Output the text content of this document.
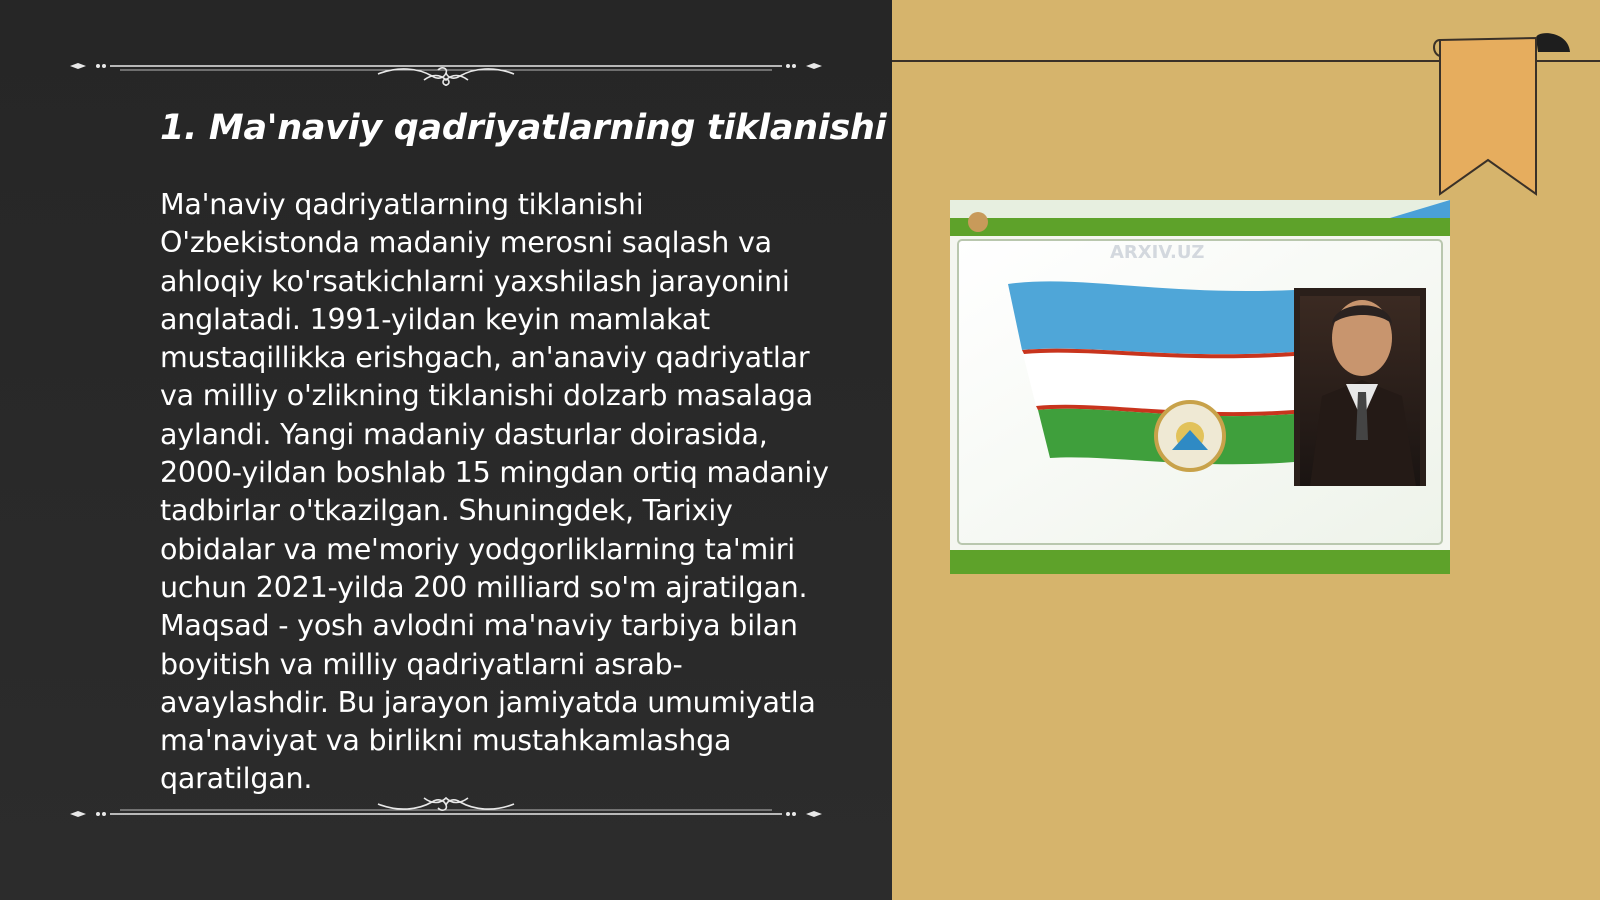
1. Ma'naviy qadriyatlarning tiklanishi

Ma'naviy qadriyatlarning tiklanishi O'zbekistonda madaniy merosni saqlash va ahloqiy ko'rsatkichlarni yaxshilash jarayonini anglatadi. 1991-yildan keyin mamlakat mustaqillikka erishgach, an'anaviy qadriyatlar va milliy o'zlikning tiklanishi dolzarb masalaga aylandi. Yangi madaniy dasturlar doirasida, 2000-yildan boshlab 15 mingdan ortiq madaniy tadbirlar o'tkazilgan. Shuningdek, Tarixiy obidalar va me'moriy yodgorliklarning ta'miri uchun 2021-yilda 200 milliard so'm ajratilgan. Maqsad - yosh avlodni ma'naviy tarbiya bilan boyitish va milliy qadriyatlarni asrab-avaylashdir. Bu jarayon jamiyatda umumiyatla ma'naviyat va birlikni mustahkamlashga qaratilgan.

ARXIV.UZ
